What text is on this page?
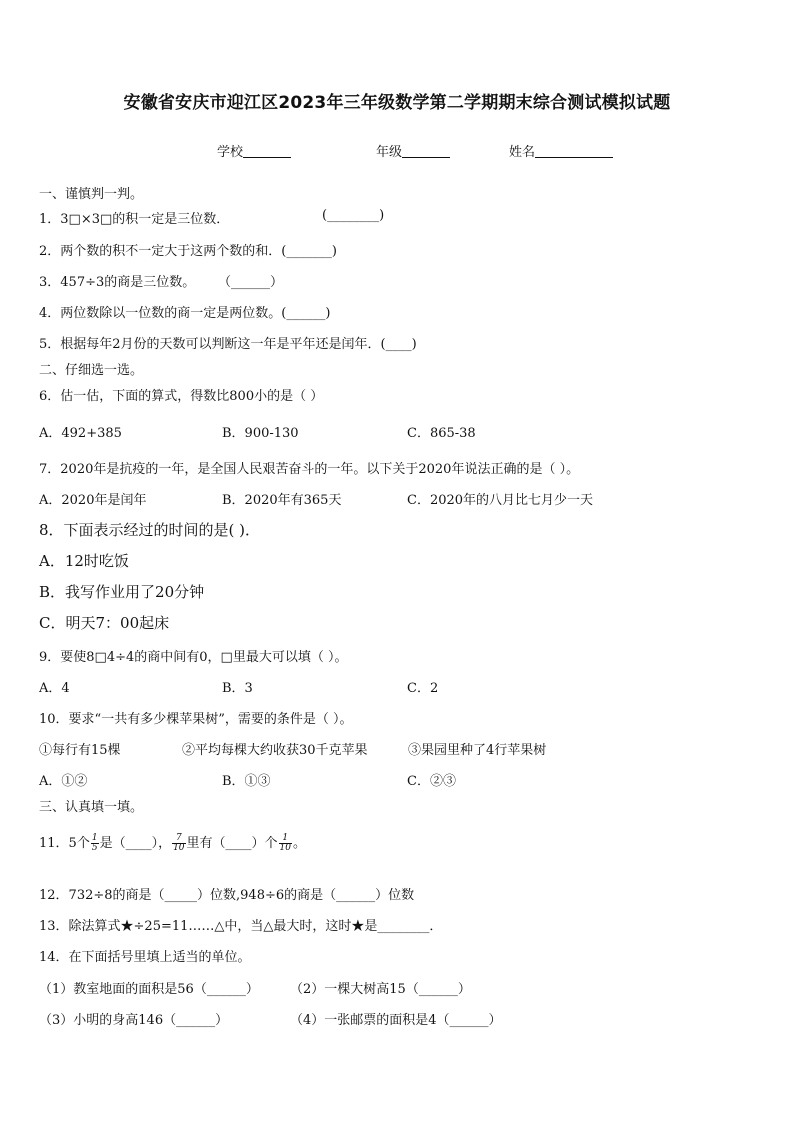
安徽省安庆市迎江区2023年三年级数学第二学期期末综合测试模拟试题
学校	年级	姓名
一、谨慎判一判。
1．3□×3□的积一定是三位数．	(________)
2．两个数的积不一定大于这两个数的和．(_______)
3．457÷3的商是三位数。 （______）
4．两位数除以一位数的商一定是两位数。(______)
5．根据每年2月份的天数可以判断这一年是平年还是闰年．(____)
二、仔细选一选。
6．估一估，下面的算式，得数比800小的是（ ）
A．492+385	B．900-130	C．865-38
7．2020年是抗疫的一年，是全国人民艰苦奋斗的一年。以下关于2020年说法正确的是（ ）。
A．2020年是闰年	B．2020年有365天	C．2020年的八月比七月少一天
8．下面表示经过的时间的是( )．
A．12时吃饭
B．我写作业用了20分钟
C．明天7：00起床
9．要使8□4÷4的商中间有0，□里最大可以填（ ）。
A．4	B．3	C．2
10．要求“一共有多少棵苹果树”，需要的条件是（ ）。
①每行有15棵	②平均每棵大约收获30千克苹果	③果园里种了4行苹果树
A．①②	B．①③	C．②③
三、认真填一填。
11．5个 $\frac{1}{5}$ 是（____）， $\frac{7}{10}$ 里有（____）个 $\frac{1}{10}$ 。
12．732÷8的商是（_____）位数,948÷6的商是（______）位数
13．除法算式★÷25=11……△中，当△最大时，这时★是________．
14．在下面括号里填上适当的单位。
（1）教室地面的面积是56（______） （2）一棵大树高15（______）
（3）小明的身高146（______）	（4）一张邮票的面积是4（______）
